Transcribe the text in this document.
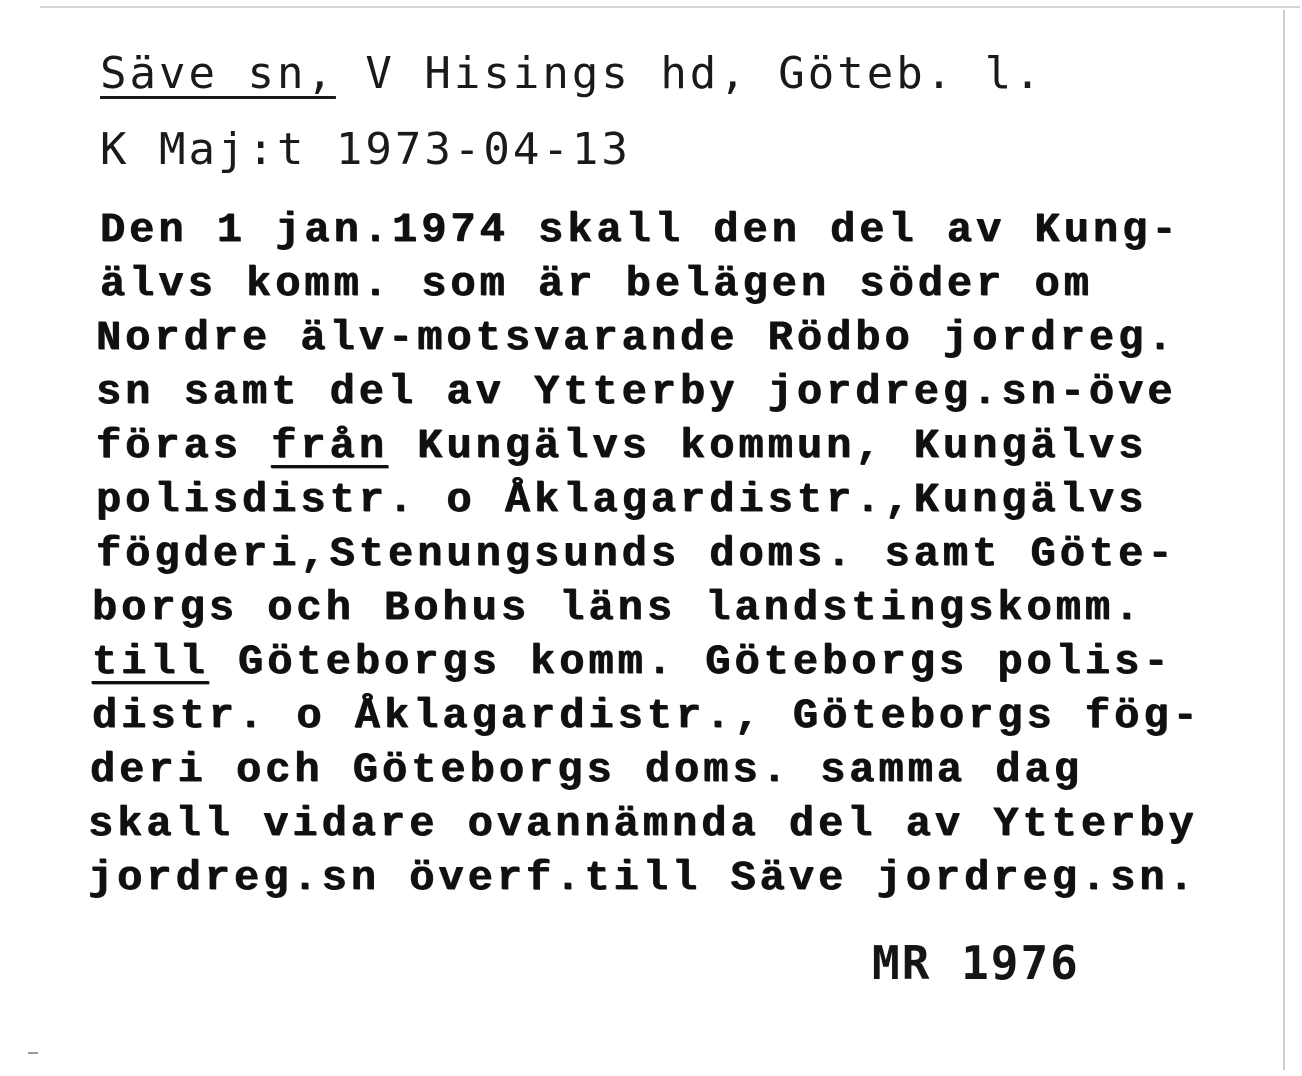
Säve sn, V Hisings hd, Göteb. l.
K Maj:t 1973-04-13
Den 1 jan.1974 skall den del av Kung-
älvs komm. som är belägen söder om
Nordre älv-motsvarande Rödbo jordreg.
sn samt del av Ytterby jordreg.sn-öve
föras från Kungälvs kommun, Kungälvs
polisdistr. o Åklagardistr.,Kungälvs
fögderi,Stenungsunds doms. samt Göte-
borgs och Bohus läns landstingskomm.
till Göteborgs komm. Göteborgs polis-
distr. o Åklagardistr., Göteborgs fög-
deri och Göteborgs doms. samma dag
skall vidare ovannämnda del av Ytterby
jordreg.sn överf.till Säve jordreg.sn.
MR 1976
